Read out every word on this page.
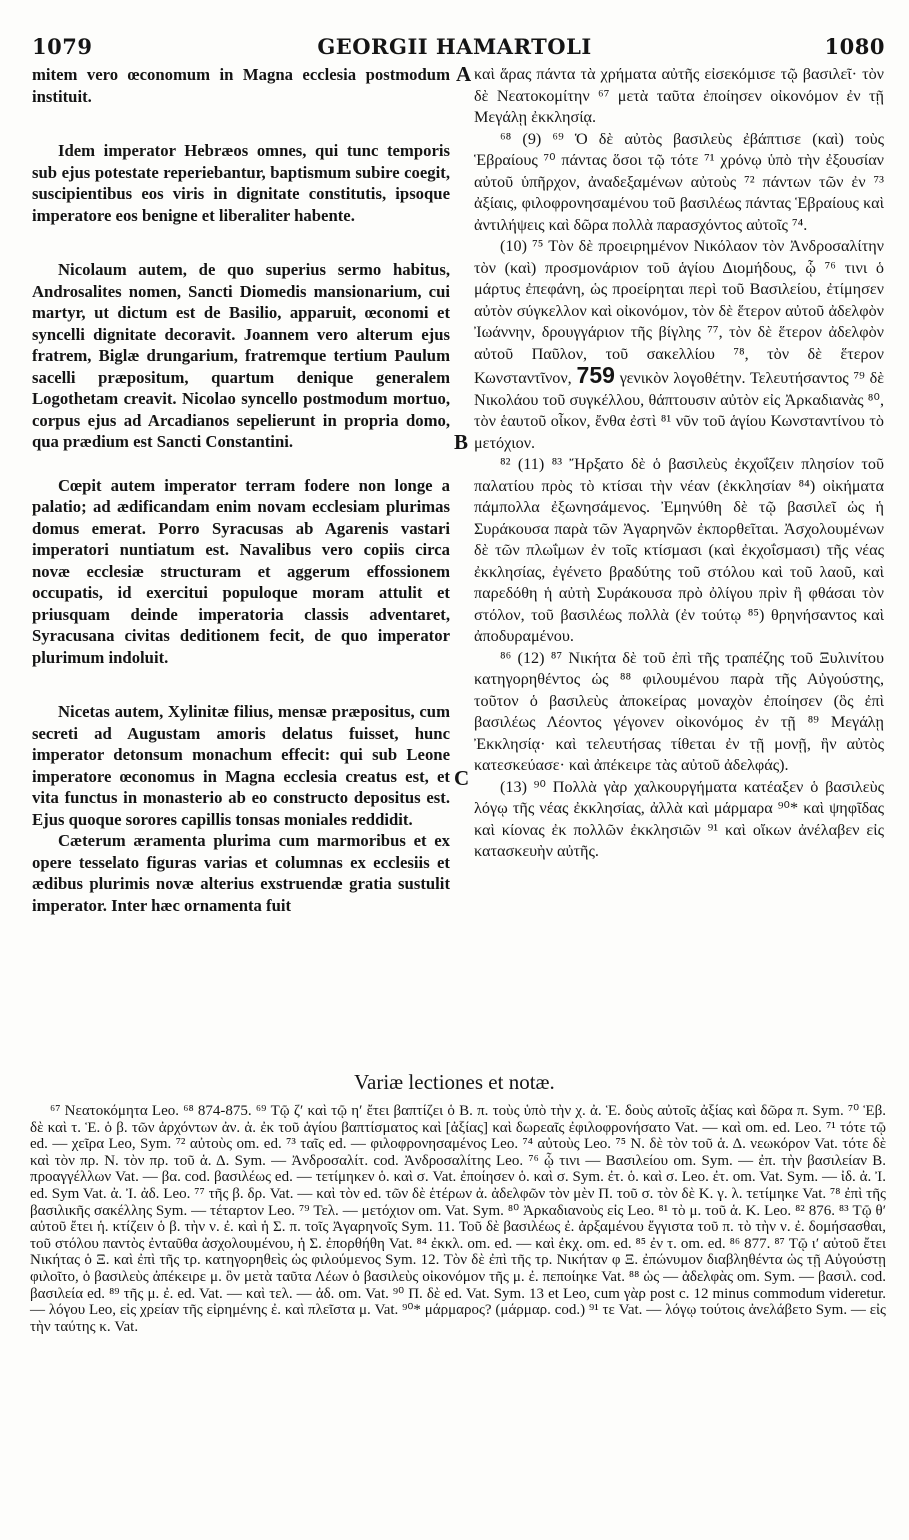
GEORGII HAMARTOLI
1079	1080

mitem vero œconomum in Magna ecclesia postmodum instituit.

Idem imperator Hebræos omnes, qui tunc temporis sub ejus potestate reperiebantur, baptismum subire coegit, suscipientibus eos viris in dignitate constitutis, ipsoque imperatore eos benigne et liberaliter habente.

Nicolaum autem, de quo superius sermo habitus, Androsalites nomen, Sancti Diomedis mansionarium, cui martyr, ut dictum est de Basilio, apparuit, œconomi et syncelli dignitate decoravit. Joannem vero alterum ejus fratrem, Biglæ drungarium, fratremque tertium Paulum sacelli præpositum, quartum denique generalem Logothetam creavit. Nicolao syncello postmodum mortuo, corpus ejus ad Arcadianos sepelierunt in propria domo, qua prædium est Sancti Constantini.

Cœpit autem imperator terram fodere non longe a palatio; ad ædificandam enim novam ecclesiam plurimas domus emerat. Porro Syracusas ab Agarenis vastari imperatori nuntiatum est. Navalibus vero copiis circa novæ ecclesiæ structuram et aggerum effossionem occupatis, id exercitui populoque moram attulit et priusquam deinde imperatoria classis adventaret, Syracusana civitas deditionem fecit, de quo imperator plurimum indoluit.

Nicetas autem, Xylinitæ filius, mensæ præpositus, cum secreti ad Augustam amoris delatus fuisset, hunc imperator detonsum monachum effecit: qui sub Leone imperatore œconomus in Magna ecclesia creatus est, et vita functus in monasterio ab eo constructo depositus est. Ejus quoque sorores capillis tonsas moniales reddidit.

Cæterum æramenta plurima cum marmoribus et ex opere tesselato figuras varias et columnas ex ecclesiis et ædibus plurimis novæ alterius exstruendæ gratia sustulit imperator. Inter hæc ornamenta fuit

A
B
C

καὶ ἅρας πάντα τὰ χρήματα αὐτῆς εἰσεκόμισε τῷ βασιλεῖ· τὸν δὲ Νεατοκομίτην ⁶⁷ μετὰ ταῦτα ἐποίησεν οἰκονόμον ἐν τῇ Μεγάλῃ ἐκκλησίᾳ.

⁶⁸ (9) ⁶⁹ Ὁ δὲ αὐτὸς βασιλεὺς ἐβάπτισε (καὶ) τοὺς Ἑβραίους ⁷⁰ πάντας ὅσοι τῷ τότε ⁷¹ χρόνῳ ὑπὸ τὴν ἐξουσίαν αὐτοῦ ὑπῆρχον, ἀναδεξαμένων αὐτοὺς ⁷² πάντων τῶν ἐν ⁷³ ἀξίαις, φιλοφρονησαμένου τοῦ βασιλέως πάντας Ἑβραίους καὶ ἀντιλήψεις καὶ δῶρα πολλὰ παρασχόντος αὐτοῖς ⁷⁴.

(10) ⁷⁵ Τὸν δὲ προειρημένον Νικόλαον τὸν Ἀνδροσαλίτην τὸν (καὶ) προσμονάριον τοῦ ἁγίου Διομήδους, ᾧ ⁷⁶ τινι ὁ μάρτυς ἐπεφάνη, ὡς προείρηται περὶ τοῦ Βασιλείου, ἐτίμησεν αὐτὸν σύγκελλον καὶ οἰκονόμον, τὸν δὲ ἕτερον αὐτοῦ ἀδελφὸν Ἰωάννην, δρουγγάριον τῆς βίγλης ⁷⁷, τὸν δὲ ἕτερον ἀδελφὸν αὐτοῦ Παῦλον, τοῦ σακελλίου ⁷⁸, τὸν δὲ ἕτερον Κωνσταντῖνον, 759 γενικὸν λογοθέτην. Τελευτήσαντος ⁷⁹ δὲ Νικολάου τοῦ συγκέλλου, θάπτουσιν αὐτὸν εἰς Ἀρκαδιανὰς ⁸⁰, τὸν ἑαυτοῦ οἶκον, ἔνθα ἐστὶ ⁸¹ νῦν τοῦ ἁγίου Κωνσταντίνου τὸ μετόχιον.

⁸² (11) ⁸³ Ἤρξατο δὲ ὁ βασιλεὺς ἐκχοΐζειν πλησίον τοῦ παλατίου πρὸς τὸ κτίσαι τὴν νέαν (ἐκκλησίαν ⁸⁴) οἰκήματα πάμπολλα ἐξωνησάμενος. Ἐμηνύθη δὲ τῷ βασιλεῖ ὡς ἡ Συράκουσα παρὰ τῶν Ἀγαρηνῶν ἐκπορθεῖται. Ἀσχολουμένων δὲ τῶν πλωΐμων ἐν τοῖς κτίσμασι (καὶ ἐκχοΐσμασι) τῆς νέας ἐκκλησίας, ἐγένετο βραδύτης τοῦ στόλου καὶ τοῦ λαοῦ, καὶ παρεδόθη ἡ αὐτὴ Συράκουσα πρὸ ὀλίγου πρὶν ἢ φθάσαι τὸν στόλον, τοῦ βασιλέως πολλὰ (ἐν τούτῳ ⁸⁵) θρηνήσαντος καὶ ἀποδυραμένου.

⁸⁶ (12) ⁸⁷ Νικήτα δὲ τοῦ ἐπὶ τῆς τραπέζης τοῦ Ξυλινίτου κατηγορηθέντος ὡς ⁸⁸ φιλουμένου παρὰ τῆς Αὐγούστης, τοῦτον ὁ βασιλεὺς ἀποκείρας μοναχὸν ἐποίησεν (ὃς ἐπὶ βασιλέως Λέοντος γέγονεν οἰκονόμος ἐν τῇ ⁸⁹ Μεγάλῃ Ἐκκλησίᾳ· καὶ τελευτήσας τίθεται ἐν τῇ μονῇ, ἣν αὐτὸς κατεσκεύασε· καὶ ἀπέκειρε τὰς αὐτοῦ ἀδελφάς).

(13) ⁹⁰ Πολλὰ γὰρ χαλκουργήματα κατέαξεν ὁ βασιλεὺς λόγῳ τῆς νέας ἐκκλησίας, ἀλλὰ καὶ μάρμαρα ⁹⁰* καὶ ψηφῖδας καὶ κίονας ἐκ πολλῶν ἐκκλησιῶν ⁹¹ καὶ οἴκων ἀνέλαβεν εἰς κατασκευὴν αὐτῆς.

Variæ lectiones et notæ.

⁶⁷ Νεατοκόμητα Leo. ⁶⁸ 874-875. ⁶⁹ Τῷ ζ′ καὶ τῷ η′ ἔτει βαπτίζει ὁ Β. π. τοὺς ὑπὸ τὴν χ. ἀ. Ἑ. δοὺς αὐτοῖς ἀξίας καὶ δῶρα π. Sym. ⁷⁰ Ἑβ. δὲ καὶ τ. Ἑ. ὁ β. τῶν ἀρχόντων ἀν. ἀ. ἐκ τοῦ ἁγίου βαπτίσματος καὶ [ἀξίας] καὶ δωρεαῖς ἐφιλοφρονήσατο Vat. — καὶ om. ed. Leo. ⁷¹ τότε τῷ ed. — χεῖρα Leo, Sym. ⁷² αὐτοὺς om. ed. ⁷³ ταῖς ed. — φιλοφρονησαμένος Leo. ⁷⁴ αὐτοὺς Leo. ⁷⁵ Ν. δὲ τὸν τοῦ ἁ. Δ. νεωκόρον Vat. τότε δὲ καὶ τὸν πρ. Ν. τὸν πρ. τοῦ ἁ. Δ. Sym. — Ἀνδροσαλίτ. cod. Ἀνδροσαλίτης Leo. ⁷⁶ ᾧ τινι — Βασιλείου om. Sym. — ἐπ. τὴν βασιλείαν Β. προαγγέλλων Vat. — βα. cod. βασιλέως ed. — τετίμηκεν ὁ. καὶ σ. Vat. ἐποίησεν ὁ. καὶ σ. Sym. ἐτ. ὁ. καὶ σ. Leo. ἐτ. om. Vat. Sym. — ἰδ. ἀ. Ἰ. ed. Sym Vat. ἀ. Ἰ. ἀδ. Leo. ⁷⁷ τῆς β. δρ. Vat. — καὶ τὸν ed. τῶν δὲ ἑτέρων ἀ. ἀδελφῶν τὸν μὲν Π. τοῦ σ. τὸν δὲ Κ. γ. λ. τετίμηκε Vat. ⁷⁸ ἐπὶ τῆς βασιλικῆς σακέλλης Sym. — τέταρτον Leo. ⁷⁹ Τελ. — μετόχιον om. Vat. Sym. ⁸⁰ Ἀρκαδιανοὺς εἰς Leo. ⁸¹ τὸ μ. τοῦ ἁ. Κ. Leo. ⁸² 876. ⁸³ Τῷ θ′ αὐτοῦ ἔτει ἡ. κτίζειν ὁ β. τὴν ν. ἐ. καὶ ἡ Σ. π. τοῖς Ἀγαρηνοῖς Sym. 11. Τοῦ δὲ βασιλέως ἐ. ἀρξαμένου ἔγγιστα τοῦ π. τὸ τὴν ν. ἐ. δομήσασθαι, τοῦ στόλου παντὸς ἐνταῦθα ἀσχολουμένου, ἡ Σ. ἐπορθήθη Vat. ⁸⁴ ἐκκλ. om. ed. — καὶ ἐκχ. om. ed. ⁸⁵ ἐν τ. om. ed. ⁸⁶ 877. ⁸⁷ Τῷ ι′ αὐτοῦ ἔτει Νικήτας ὁ Ξ. καὶ ἐπὶ τῆς τρ. κατηγορηθεὶς ὡς φιλούμενος Sym. 12. Τὸν δὲ ἐπὶ τῆς τρ. Νικήταν φ Ξ. ἐπώνυμον διαβληθέντα ὡς τῇ Αὐγούστῃ φιλοῖτο, ὁ βασιλεὺς ἀπέκειρε μ. ὃν μετὰ ταῦτα Λέων ὁ βασιλεὺς οἰκονόμον τῆς μ. ἐ. πεποίηκε Vat. ⁸⁸ ὡς — ἀδελφὰς om. Sym. — βασιλ. cod. βασιλεία ed. ⁸⁹ τῆς μ. ἐ. ed. Vat. — καὶ τελ. — ἀδ. om. Vat. ⁹⁰ Π. δὲ ed. Vat. Sym. 13 et Leo, cum γὰρ post c. 12 minus commodum videretur. — λόγου Leo, εἰς χρείαν τῆς εἰρημένης ἐ. καὶ πλεῖστα μ. Vat. ⁹⁰* μάρμαρος? (μάρμαρ. cod.) ⁹¹ τε Vat. — λόγῳ τούτοις ἀνελάβετο Sym. — εἰς τὴν ταύτης κ. Vat.
